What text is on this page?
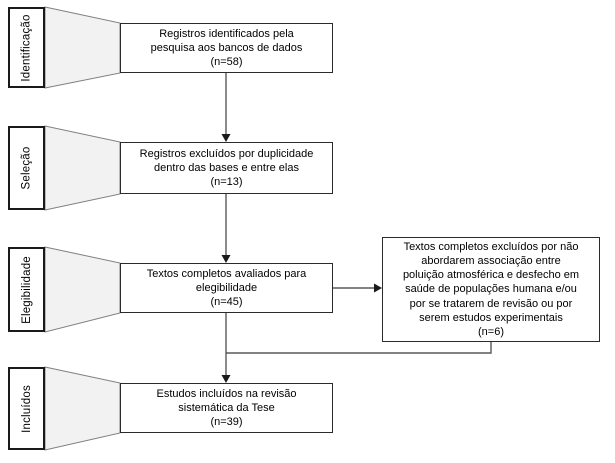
Identificação
Seleção
Elegibilidade
Incluídos
Registros identificados pela
pesquisa aos bancos de dados
(n=58)
Registros excluídos por duplicidade
dentro das bases e entre elas
(n=13)
Textos completos avaliados para
elegibilidade
(n=45)
Textos completos excluídos por não
abordarem associação entre
poluição atmosférica e desfecho em
saúde de populações humana e/ou
por se tratarem de revisão ou por
serem estudos experimentais
(n=6)
Estudos incluídos na revisão
sistemática da Tese
(n=39)
